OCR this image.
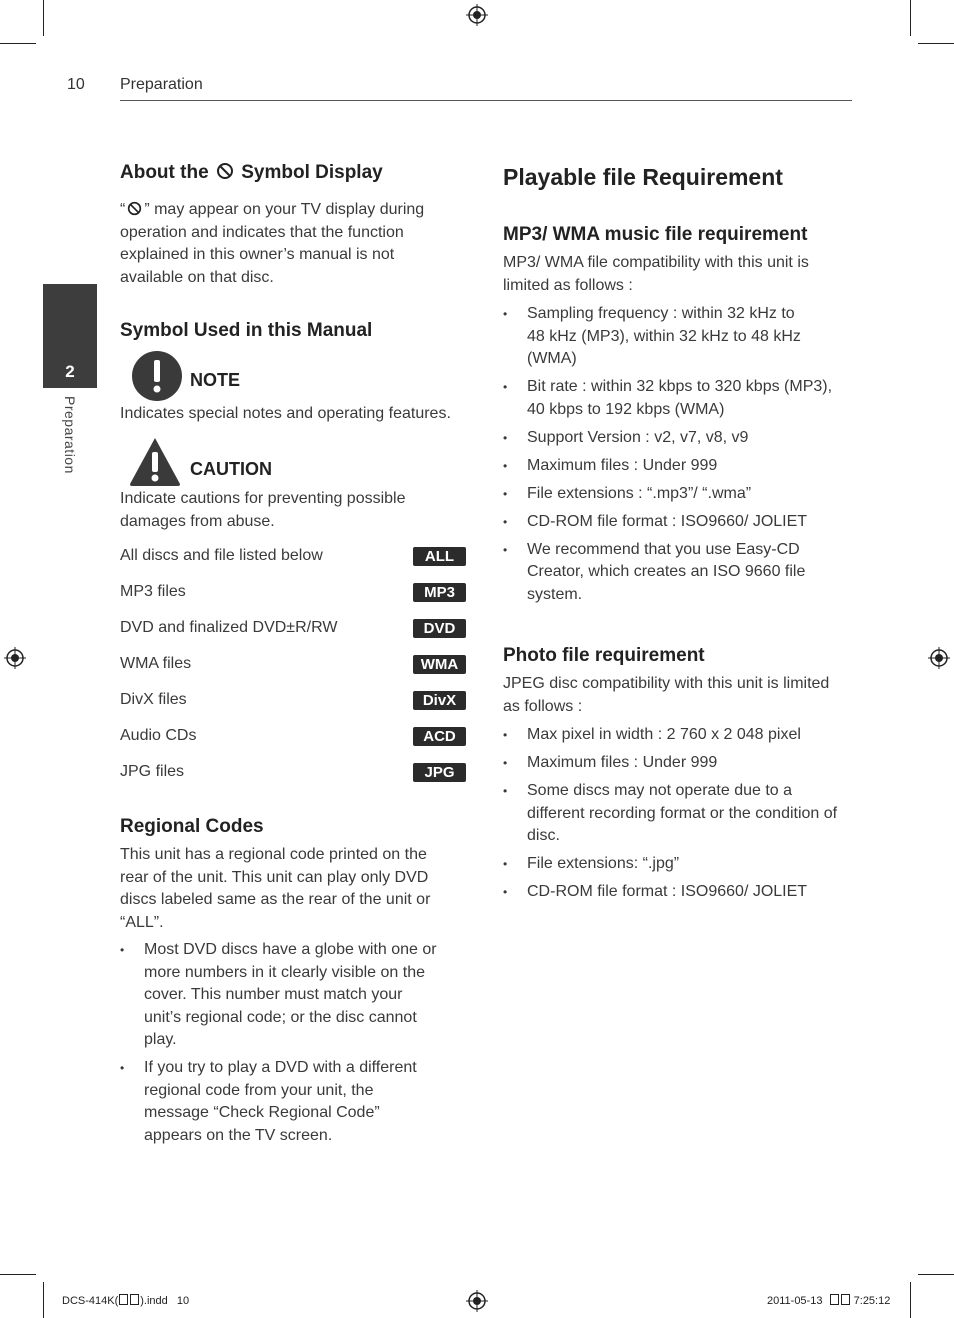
10 Preparation
2
Preparation
About the Symbol Display
“ ” may appear on your TV display during
operation and indicates that the function
explained in this owner’s manual is not
available on that disc.
Symbol Used in this Manual
NOTE
Indicates special notes and operating features.
CAUTION
Indicate cautions for preventing possible
damages from abuse.
All discs and file listed below	ALL
MP3 files	MP3
DVD and finalized DVD±R/RW	DVD
WMA files	WMA
DivX files	DivX
Audio CDs	ACD
JPG files	JPG
Regional Codes
This unit has a regional code printed on the
rear of the unit. This unit can play only DVD
discs labeled same as the rear of the unit or
“ALL”.
• Most DVD discs have a globe with one or more numbers in it clearly visible on the cover. This number must match your unit’s regional code; or the disc cannot play.
• If you try to play a DVD with a different regional code from your unit, the message “Check Regional Code” appears on the TV screen.
Playable file Requirement
MP3/ WMA music file requirement
MP3/ WMA file compatibility with this unit is
limited as follows :
• Sampling frequency : within 32 kHz to 48 kHz (MP3), within 32 kHz to 48 kHz (WMA)
• Bit rate : within 32 kbps to 320 kbps (MP3), 40 kbps to 192 kbps (WMA)
• Support Version : v2, v7, v8, v9
• Maximum files : Under 999
• File extensions : “.mp3”/ “.wma”
• CD-ROM file format : ISO9660/ JOLIET
• We recommend that you use Easy-CD Creator, which creates an ISO 9660 file system.
Photo file requirement
JPEG disc compatibility with this unit is limited
as follows :
• Max pixel in width : 2 760 x 2 048 pixel
• Maximum files : Under 999
• Some discs may not operate due to a different recording format or the condition of disc.
• File extensions: “.jpg”
• CD-ROM file format : ISO9660/ JOLIET
DCS-414K( ).indd   10	2011-05-13	7:25:12
